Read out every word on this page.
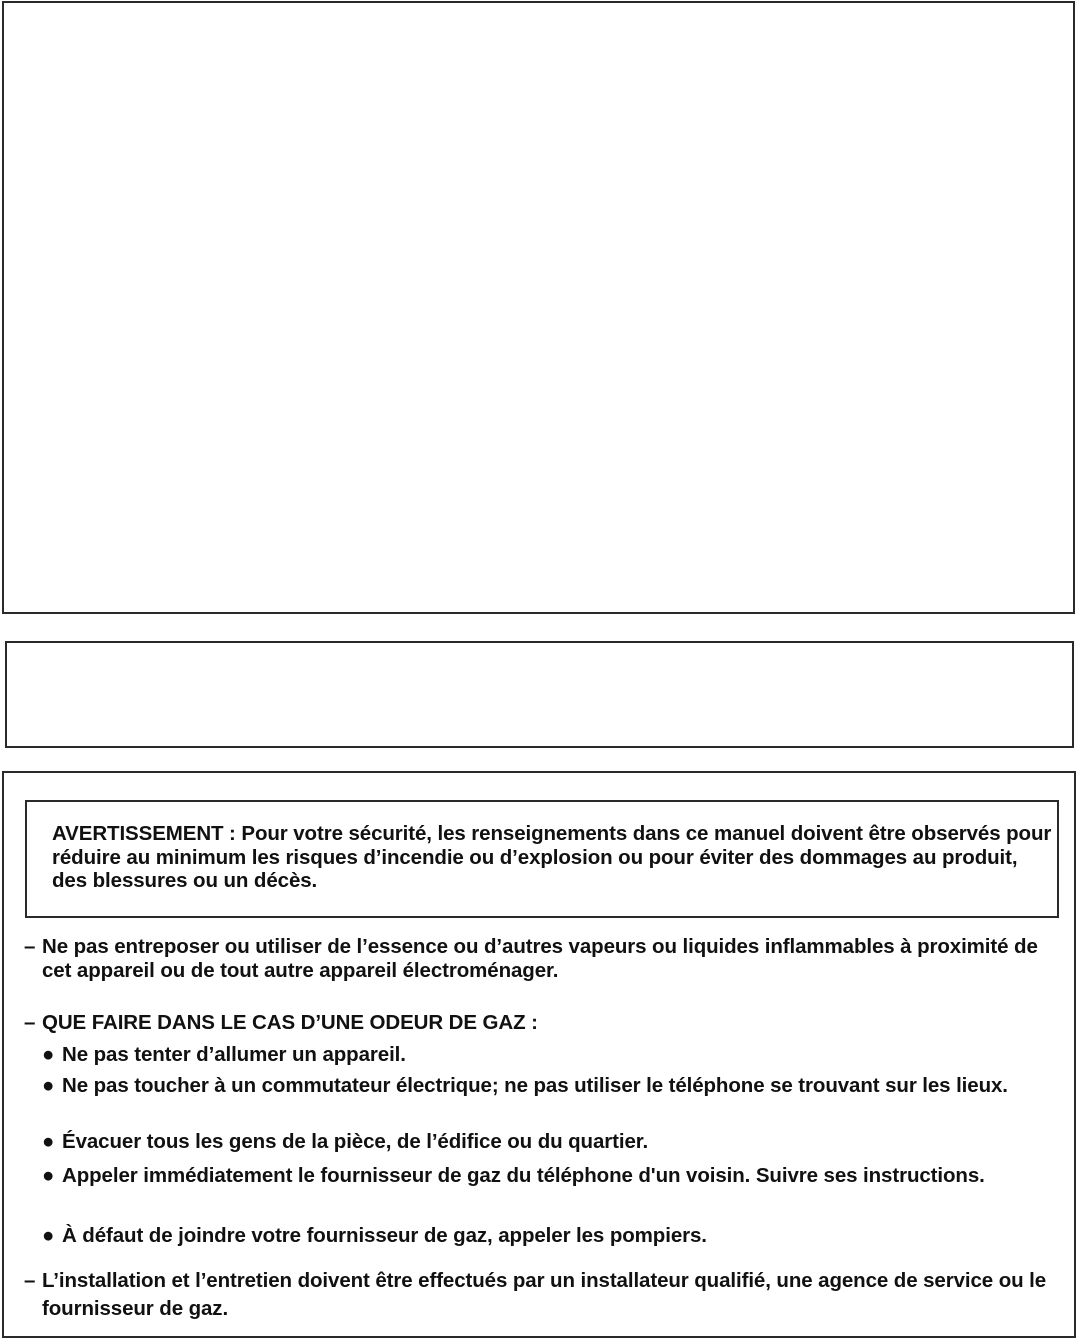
AVERTISSEMENT : Pour votre sécurité, les renseignements dans ce manuel doivent être observés pour réduire au minimum les risques d’incendie ou d’explosion ou pour éviter des dommages au produit, des blessures ou un décès.
– Ne pas entreposer ou utiliser de l’essence ou d’autres vapeurs ou liquides inflammables à proximité de cet appareil ou de tout autre appareil électroménager.
– QUE FAIRE DANS LE CAS D’UNE ODEUR DE GAZ :
● Ne pas tenter d’allumer un appareil.
● Ne pas toucher à un commutateur électrique; ne pas utiliser le téléphone se trouvant sur les lieux.
● Évacuer tous les gens de la pièce, de l’édifice ou du quartier.
● Appeler immédiatement le fournisseur de gaz du téléphone d'un voisin. Suivre ses instructions.
● À défaut de joindre votre fournisseur de gaz, appeler les pompiers.
– L’installation et l’entretien doivent être effectués par un installateur qualifié, une agence de service ou le fournisseur de gaz.
